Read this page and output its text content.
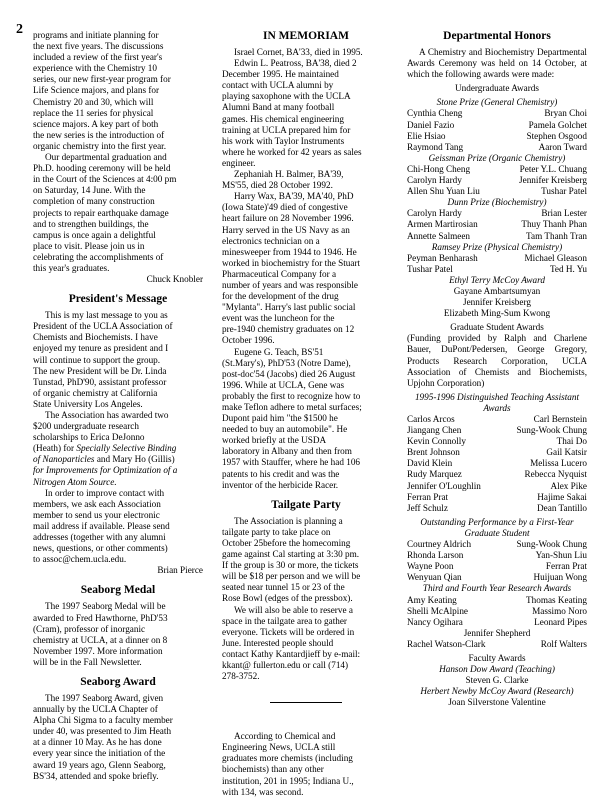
2 programs and initiate planning for
the next five years. The discussions
included a review of the first year's
experience with the Chemistry 10
series, our new first-year program for
Life Science majors, and plans for
Chemistry 20 and 30, which will
replace the 11 series for physical
science majors. A key part of both
the new series is the introduction of
organic chemistry into the first year.
Our departmental graduation and
Ph.D. hooding ceremony will be held
in the Court of the Sciences at 4:00 pm
on Saturday, 14 June. With the
completion of many construction
projects to repair earthquake damage
and to strengthen buildings, the
campus is once again a delightful
place to visit. Please join us in
celebrating the accomplishments of
this year's graduates.

Chuck Knobler

President's Message
This is my last message to you as
President of the UCLA Association of
Chemists and Biochemists. I have
enjoyed my tenure as president and I
will continue to support the group.
The new President will be Dr. Linda
Tunstad, PhD'90, assistant professor
of organic chemistry at California
State University Los Angeles.
The Association has awarded two
$200 undergraduate research
scholarships to Erica DeJonno

(Heath) for Specially Selective Binding

of Nanoparticles and Mary Ho (Gillis)

for Improvements for Optimization of a

Nitrogen Atom Source.

In order to improve contact with
members, we ask each Association
member to send us your electronic
mail address if available. Please send
addresses (together with any alumni
news, questions, or other comments)
to assoc@chem.ucla.edu.

Brian Pierce

Seaborg Medal
The 1997 Seaborg Medal will be
awarded to Fred Hawthorne, PhD'53
(Cram), professor of inorganic
chemistry at UCLA, at a dinner on 8
November 1997. More information
will be in the Fall Newsletter.
Seaborg Award
The 1997 Seaborg Award, given
annually by the UCLA Chapter of
Alpha Chi Sigma to a faculty member
under 40, was presented to Jim Heath
at a dinner 10 May. As he has done
every year since the initiation of the
award 19 years ago, Glenn Seaborg,
BS'34, attended and spoke briefly.
IN MEMORIAM
Israel Cornet, BA'33, died in 1995.
Edwin L. Peatross, BA'38, died 2
December 1995. He maintained
contact with UCLA alumni by
playing saxophone with the UCLA
Alumni Band at many football
games. His chemical engineering
training at UCLA prepared him for
his work with Taylor Instruments
where he worked for 42 years as sales
engineer.
Zephaniah H. Balmer, BA'39,
MS'55, died 28 October 1992.
Harry Wax, BA'39, MA'40, PhD
(Iowa State)'49 died of congestive
heart failure on 28 November 1996.
Harry served in the US Navy as an
electronics technician on a
minesweeper from 1944 to 1946. He
worked in biochemistry for the Stuart
Pharmaceutical Company for a
number of years and was responsible
for the development of the drug
"Mylanta". Harry's last public social
event was the luncheon for the
pre-1940 chemistry graduates on 12
October 1996.
Eugene G. Teach, BS'51
(St.Mary's), PhD'53 (Notre Dame),
post-doc'54 (Jacobs) died 26 August
1996. While at UCLA, Gene was
probably the first to recognize how to
make Teflon adhere to metal surfaces;
Dupont paid him "the $1500 he
needed to buy an automobile". He
worked briefly at the USDA
laboratory in Albany and then from
1957 with Stauffer, where he had 106
patents to his credit and was the
inventor of the herbicide Racer.
Tailgate Party
The Association is planning a
tailgate party to take place on
October 25before the homecoming
game against Cal starting at 3:30 pm.
If the group is 30 or more, the tickets
will be $18 per person and we will be
seated near tunnel 15 or 23 of the
Rose Bowl (edges of the pressbox).
We will also be able to reserve a
space in the tailgate area to gather
everyone. Tickets will be ordered in
June. Interested people should
contact Kathy Kantardjieff by e-mail:
kkant@ fullerton.edu or call (714)
278-3752.
According to Chemical and
Engineering News, UCLA still
graduates more chemists (including
biochemists) than any other
institution, 201 in 1995; Indiana U.,
with 134, was second.
Departmental Honors

A Chemistry and Biochemistry Departmental Awards Ceremony was held on 14 October, at which the following awards were made:

Undergraduate Awards
Stone Prize (General Chemistry)
Cynthia Cheng	Bryan Choi
Daniel Fazio	Pamela Golchet
Elie Hsiao	Stephen Osgood
Raymond Tang	Aaron Tward
Geissman Prize (Organic Chemistry)
Chi-Hong Cheng	Peter Y.L. Chuang
Carolyn Hardy	Jennifer Kreisberg
Allen Shu Yuan Liu	Tushar Patel
Dunn Prize (Biochemistry)
Carolyn Hardy	Brian Lester
Armen Martirosian	Thuy Thanh Phan
Annette Salmeen	Tam Thanh Tran
Ramsey Prize (Physical Chemistry)
Peyman Benharash	Michael Gleason
Tushar Patel	Ted H. Yu
Ethyl Terry McCoy Award
Gayane Ambartsumyan
Jennifer Kreisberg
Elizabeth Ming-Sum Kwong
Graduate Student Awards

(Funding provided by Ralph and Charlene Bauer, DuPont/Pedersen, George Gregory, Products Research Corporation, UCLA Association of Chemists and Biochemists, Upjohn Corporation)

1995-1996 Distinguished Teaching Assistant Awards
Carlos Arcos	Carl Bernstein
Jiangang Chen	Sung-Wook Chung
Kevin Connolly	Thai Do
Brent Johnson	Gail Katsir
David Klein	Melissa Lucero
Rudy Marquez	Rebecca Nyquist
Jennifer O'Loughlin	Alex Pike
Ferran Prat	Hajime Sakai
Jeff Schulz	Dean Tantillo
Outstanding Performance by a First-Year Graduate Student
Courtney Aldrich	Sung-Wook Chung
Rhonda Larson	Yan-Shun Liu
Wayne Poon	Ferran Prat
Wenyuan Qian	Huijuan Wong
Third and Fourth Year Research Awards
Amy Keating	Thomas Keating
Shelli McAlpine	Massimo Noro
Nancy Ogihara	Leonard Pipes
Jennifer Shepherd
Rachel Watson-Clark	Rolf Walters
Faculty Awards
Hanson Dow Award (Teaching)
Steven G. Clarke
Herbert Newby McCoy Award (Research)
Joan Silverstone Valentine
